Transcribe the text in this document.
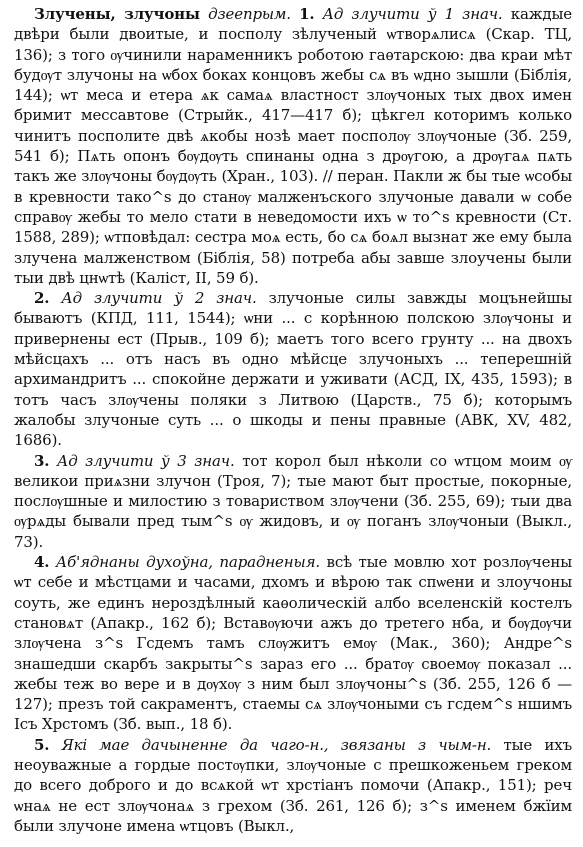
Злучены, злучоны дзеепрым. 1. Ад злучити ў 1 знач. каждые двѣри были двоитые, и посполу зѣлученый ѡтворѧлисѧ (Скар. ТЦ, 136); з того ѹчинили нараменникъ роботою гаѳтарскою: два краи мѣт будѹт злучоны на ѡбох боках концовъ жебы сѧ въ ѡдно зышли (Біблія, 144); ѡт меса и етера ѧк самаѧ властност злѹчоных тых двох имен бримит мессавтове (Стрыйк., 417—417 б); цѣкгел которимъ колько чинитъ посполите двѣ ѧкобы нозѣ мает посполѹ злѹчоные (Зб. 259, 541 б); Пѧть опонъ бѹдѹть спинаны одна з дрѹгою, а дрѹгаѧ пѧть такъ же злѹчоны бѹдѹть (Хран., 103). // перан. Пакли ж бы тые ѡсобы в кревности тако^s до станѹ малженъского злучоные давали ѡ собе справѹ жебы то мело стати в неведомости ихъ ѡ то^s кревности (Ст. 1588, 289); ѡтповѣдал: сестра моѧ есть, бо сѧ боѧл вызнат же ему была злучена малженством (Біблія, 58) потреба абы завше злоучены были тыи двѣ цнѡтѣ (Каліст, II, 59 б).

2. Ад злучити ў 2 знач. злучоные силы завжды моцънейшы бываютъ (КПД, 111, 1544); ѡни ... с корѣнною полскою злѹчоны и привернены ест (Прыв., 109 б); маетъ того всего грунту ... на двохъ мѣйсцахъ ... отъ насъ въ одно мѣйсце злучоныхъ ... теперешній архимандритъ ... спокойне держати и уживати (АСД, IX, 435, 1593); в тотъ часъ злѹчены поляки з Литвою (Царств., 75 б); которымъ жалобы злучоные суть ... о шкоды и пены правные (АВК, XV, 482, 1686).

3. Ад злучити ў 3 знач. тот корол был нѣколи со ѡтцом моим ѹ великои приѧзни злучон (Троя, 7); тые мают быт простые, покорные, послѹшные и милостию з товариством злѹчени (Зб. 255, 69); тыи два ѹрѧды бывали пред тым^s ѹ жидовъ, и ѹ поганъ злѹчоныи (Выкл., 73).

4. Аб'яднаны духоўна, парадненыя. всѣ тые мовлю хот розлѹчены ѡт себе и мѣстцами и часами, дхомъ и вѣрою так спѡени и злоучоны соуть, же единъ нероздѣлный каѳолическій албо вселенскій костелъ становѧт (Апакр., 162 б); Вставѹючи ажъ до третего нба, и бѹдѹчи злѹчена з^s Гсдемъ тамъ слѹжитъ емѹ (Мак., 360); Андре^s знашедши скарбъ закрыты^s зараз его ... братѹ своемѹ показал ... жебы теж во вере и в дѹхѹ з ним был злѹчоны^s (Зб. 255, 126 б — 127); презъ той сакраментъ, стаемы сѧ злѹчоными съ гсдем^s ншимъ Ісъ Хрстомъ (Зб. вып., 18 б).

5. Які мае дачыненне да чаго-н., звязаны з чым-н. тые ихъ неоуважные а гордые постѹпки, злѹчоные с прешкоженьем греком до всего доброго и до всѧкой ѡт хрстіанъ помочи (Апакр., 151); реч ѡнаѧ не ест злѹчонаѧ з грехом (Зб. 261, 126 б); з^s именем бжїим были злучоне имена ѡтцовъ (Выкл.,
